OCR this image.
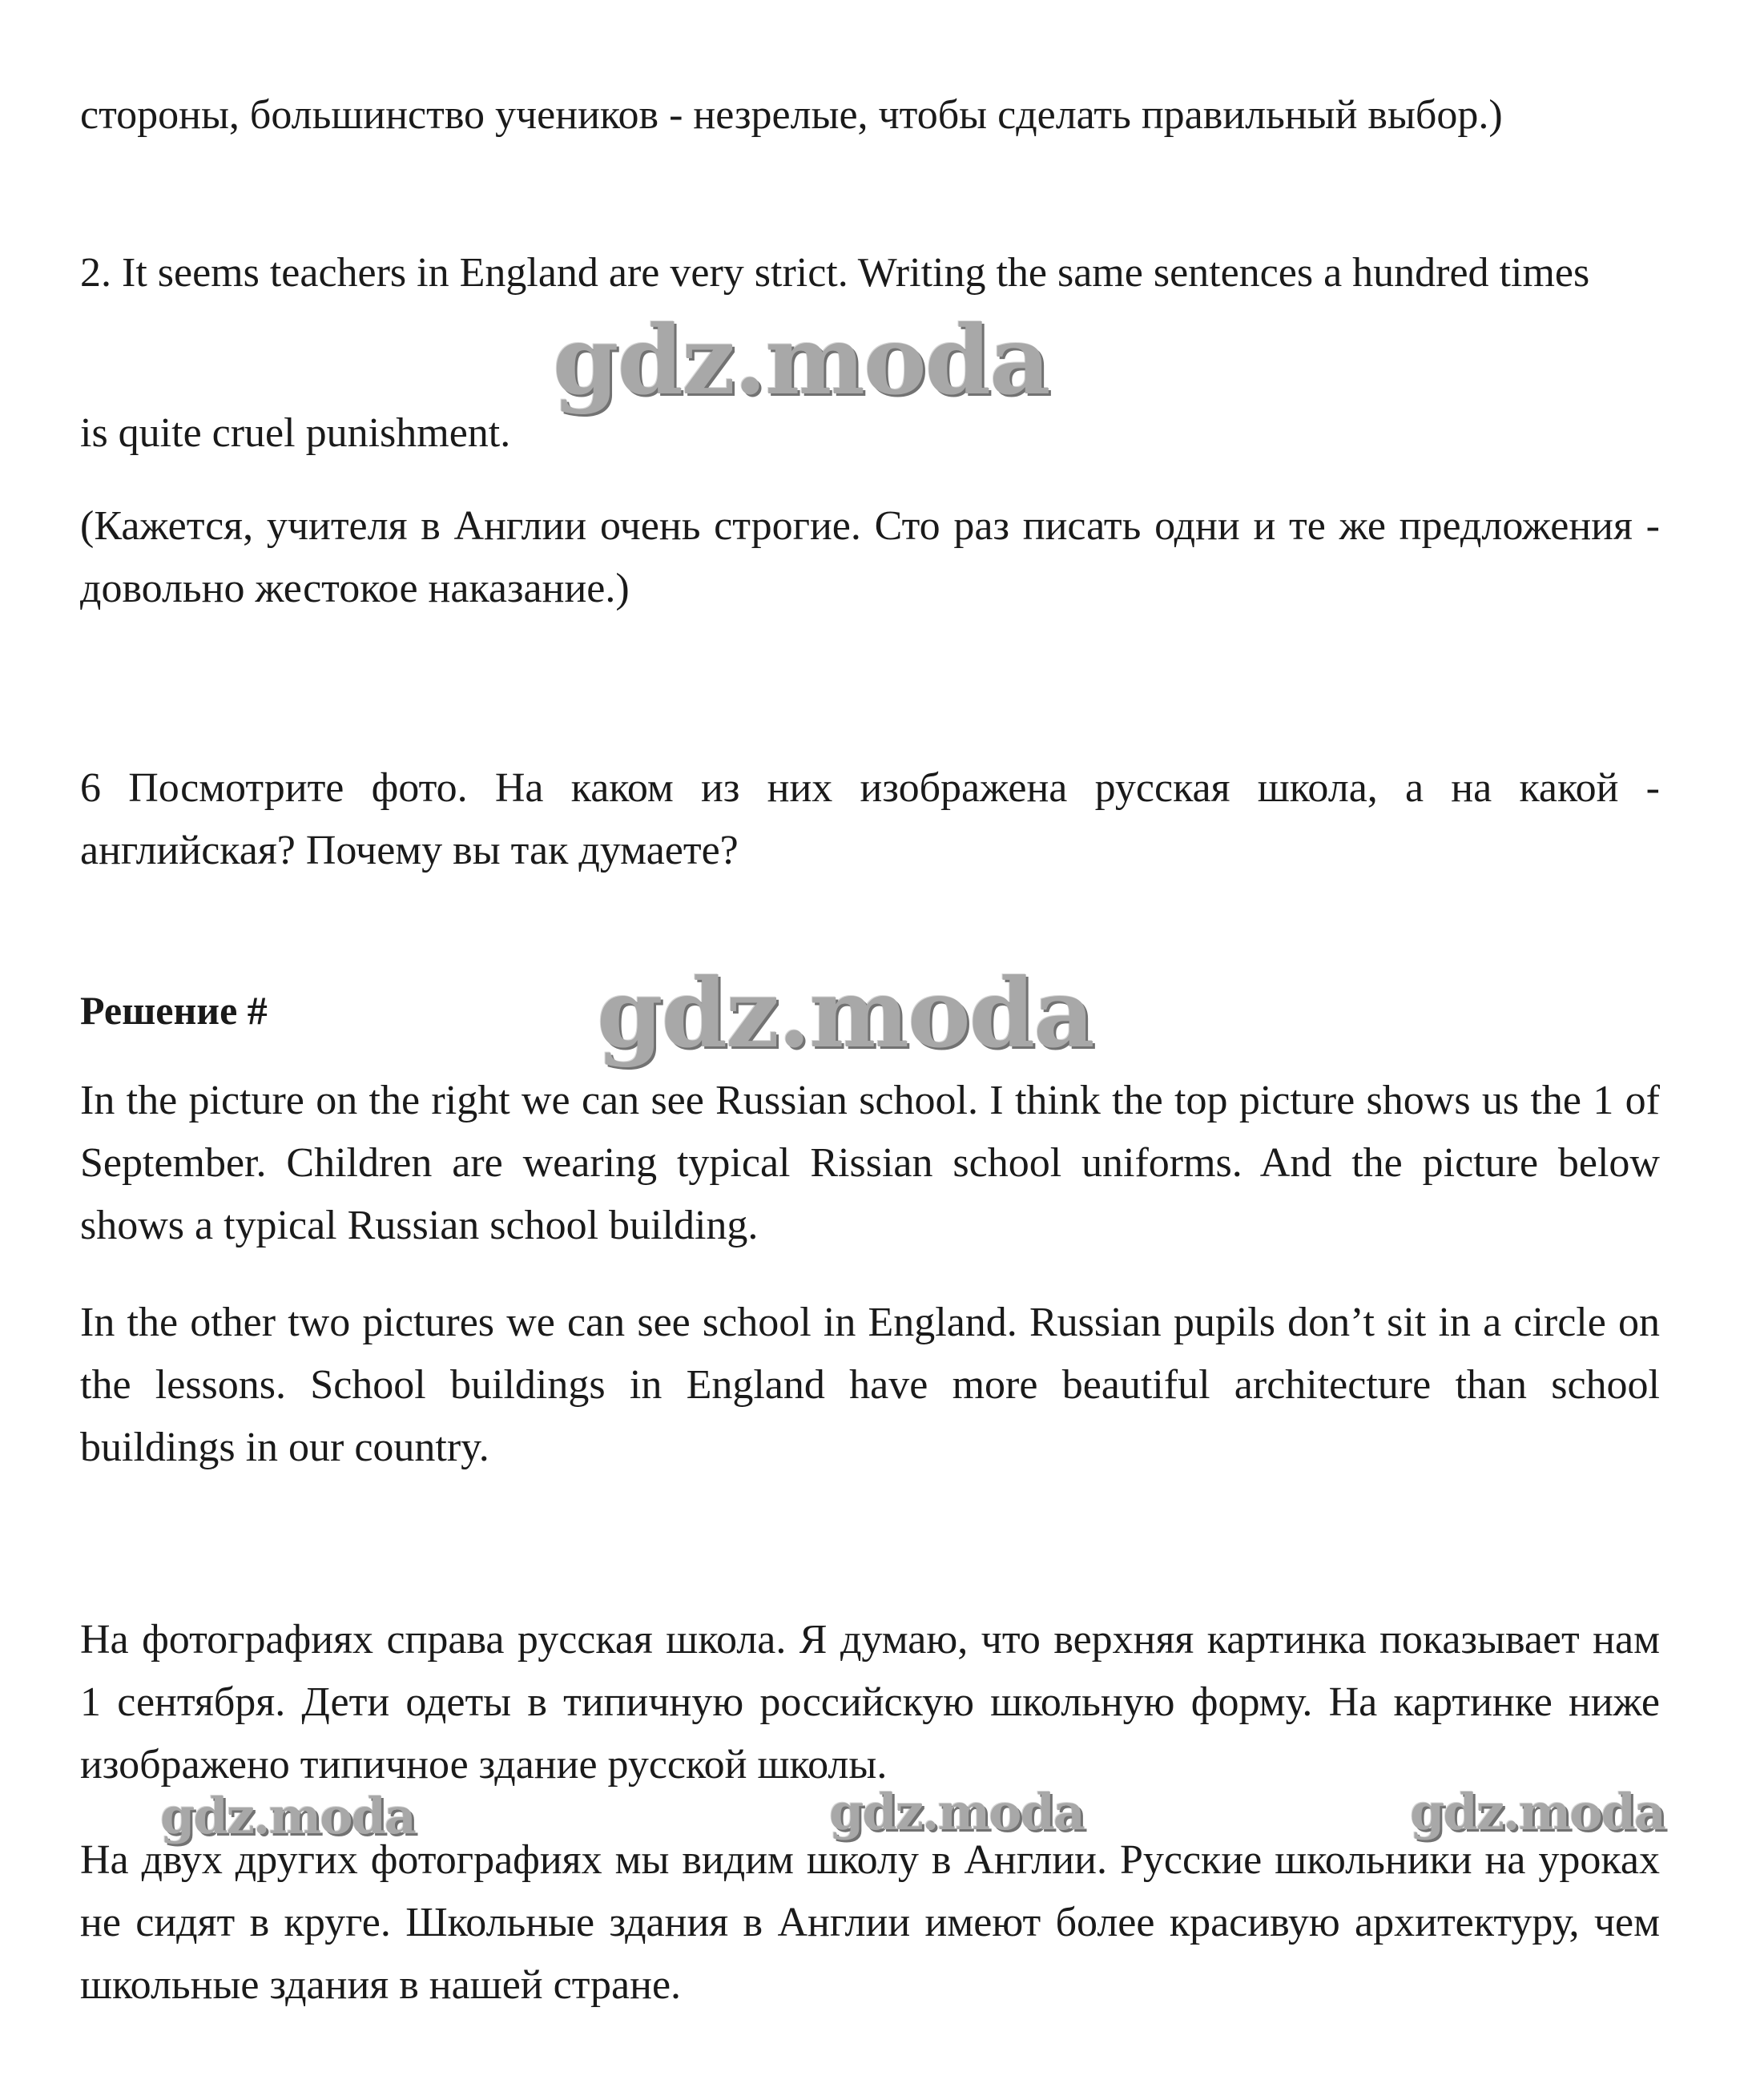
стороны, большинство учеников - незрелые, чтобы сделать правильный выбор.)

2. It seems teachers in England are very strict. Writing the same sentences a hundred times

is quite cruel punishment.

(Кажется, учителя в Англии очень строгие. Сто раз писать одни и те же предложения - довольно жестокое наказание.)

6 Посмотрите фото. На каком из них изображена русская школа, а на какой - английская? Почему вы так думаете?

Решение #

In the picture on the right we can see Russian school. I think the top picture shows us the 1 of September. Children are wearing typical Rissian school uniforms. And the picture below shows a typical Russian school building.

In the other two pictures we can see school in England. Russian pupils don’t sit in a circle on the lessons. School buildings in England have more beautiful architecture than school buildings in our country.

На фотографиях справа русская школа. Я думаю, что верхняя картинка показывает нам 1 сентября. Дети одеты в типичную российскую школьную форму. На картинке ниже изображено типичное здание русской школы.

На двух других фотографиях мы видим школу в Англии. Русские школьники на уроках не сидят в круге. Школьные здания в Англии имеют более красивую архитектуру, чем школьные здания в нашей стране.

gdz.moda
gdz.moda
gdz.moda	gdz.moda	gdz.moda
